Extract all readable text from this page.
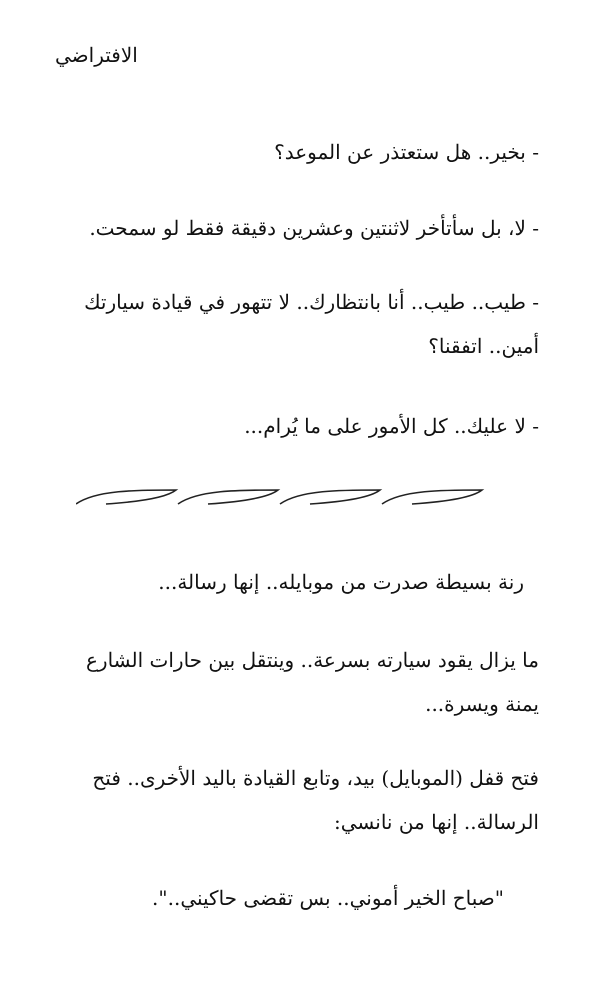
الافتراضي
- بخير.. هل ستعتذر عن الموعد؟
- لا، بل سأتأخر لاثنتين وعشرين دقيقة فقط لو سمحت.
- طيب.. طيب.. أنا بانتظارك.. لا تتهور في قيادة سيارتك أمين.. اتفقنا؟
- لا عليك.. كل الأمور على ما يُرام...
رنة بسيطة صدرت من موبايله.. إنها رسالة...
ما يزال يقود سيارته بسرعة.. وينتقل بين حارات الشارع يمنة ويسرة...
فتح قفل (الموبايل) بيد، وتابع القيادة باليد الأخرى.. فتح الرسالة.. إنها من نانسي:
"صباح الخير أموني.. بس تقضى حاكيني..".
